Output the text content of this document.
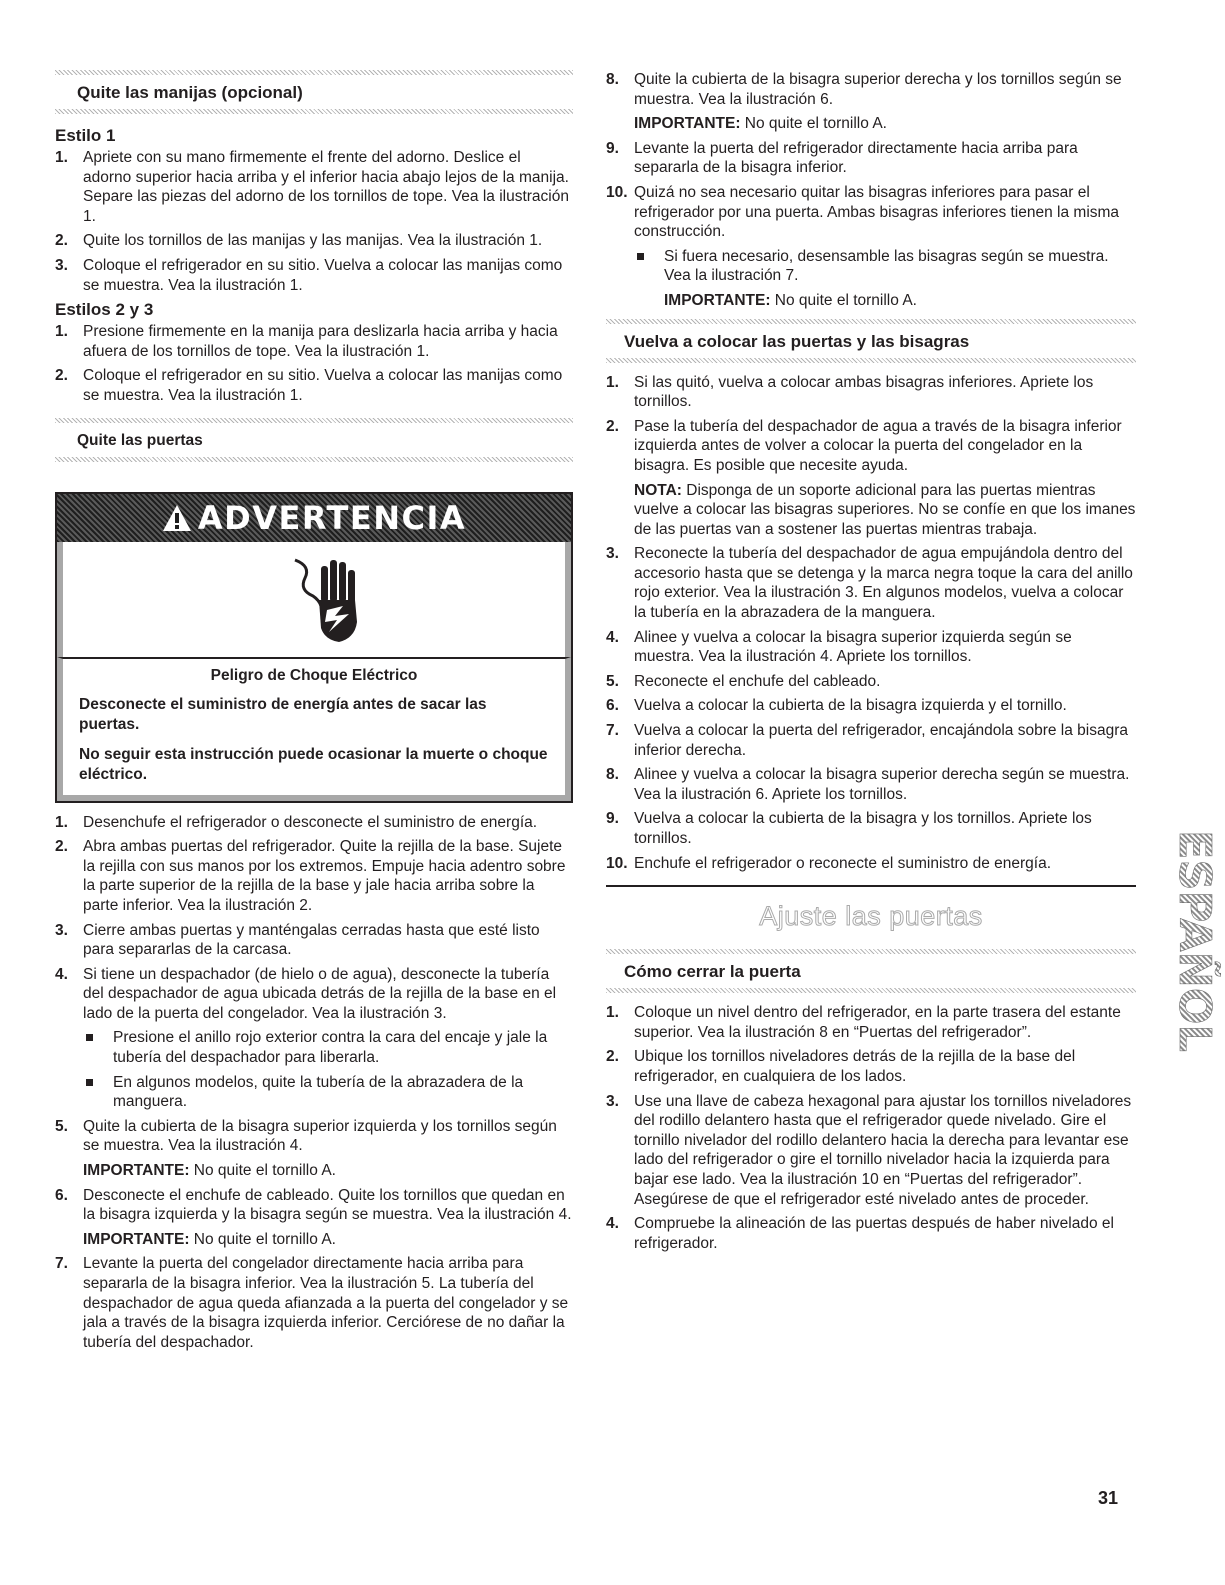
Quite las manijas (opcional)

Estilo 1
1. Apriete con su mano firmemente el frente del adorno. Deslice el adorno superior hacia arriba y el inferior hacia abajo lejos de la manija. Separe las piezas del adorno de los tornillos de tope. Vea la ilustración 1.
2. Quite los tornillos de las manijas y las manijas. Vea la ilustración 1.
3. Coloque el refrigerador en su sitio. Vuelva a colocar las manijas como se muestra. Vea la ilustración 1.
Estilos 2 y 3
1. Presione firmemente en la manija para deslizarla hacia arriba y hacia afuera de los tornillos de tope. Vea la ilustración 1.
2. Coloque el refrigerador en su sitio. Vuelva a colocar las manijas como se muestra. Vea la ilustración 1.

Quite las puertas

ADVERTENCIA

Peligro de Choque Eléctrico

Desconecte el suministro de energía antes de sacar las puertas.

No seguir esta instrucción puede ocasionar la muerte o choque eléctrico.

1. Desenchufe el refrigerador o desconecte el suministro de energía.
2. Abra ambas puertas del refrigerador. Quite la rejilla de la base. Sujete la rejilla con sus manos por los extremos. Empuje hacia adentro sobre la parte superior de la rejilla de la base y jale hacia arriba sobre la parte inferior. Vea la ilustración 2.
3. Cierre ambas puertas y manténgalas cerradas hasta que esté listo para separarlas de la carcasa.
4. Si tiene un despachador (de hielo o de agua), desconecte la tubería del despachador de agua ubicada detrás de la rejilla de la base en el lado de la puerta del congelador. Vea la ilustración 3.
Presione el anillo rojo exterior contra la cara del encaje y jale la tubería del despachador para liberarla.
En algunos modelos, quite la tubería de la abrazadera de la manguera.
5. Quite la cubierta de la bisagra superior izquierda y los tornillos según se muestra. Vea la ilustración 4.

IMPORTANTE: No quite el tornillo A.

6. Desconecte el enchufe de cableado. Quite los tornillos que quedan en la bisagra izquierda y la bisagra según se muestra. Vea la ilustración 4.

IMPORTANTE: No quite el tornillo A.

7. Levante la puerta del congelador directamente hacia arriba para separarla de la bisagra inferior. Vea la ilustración 5. La tubería del despachador de agua queda afianzada a la puerta del congelador y se jala a través de la bisagra izquierda inferior. Cerciórese de no dañar la tubería del despachador.
8. Quite la cubierta de la bisagra superior derecha y los tornillos según se muestra. Vea la ilustración 6.

IMPORTANTE: No quite el tornillo A.

9. Levante la puerta del refrigerador directamente hacia arriba para separarla de la bisagra inferior.
10. Quizá no sea necesario quitar las bisagras inferiores para pasar el refrigerador por una puerta. Ambas bisagras inferiores tienen la misma construcción.
Si fuera necesario, desensamble las bisagras según se muestra. Vea la ilustración 7.

IMPORTANTE: No quite el tornillo A.

Vuelva a colocar las puertas y las bisagras

1. Si las quitó, vuelva a colocar ambas bisagras inferiores. Apriete los tornillos.
2. Pase la tubería del despachador de agua a través de la bisagra inferior izquierda antes de volver a colocar la puerta del congelador en la bisagra. Es posible que necesite ayuda.

NOTA: Disponga de un soporte adicional para las puertas mientras vuelve a colocar las bisagras superiores. No se confíe en que los imanes de las puertas van a sostener las puertas mientras trabaja.

3. Reconecte la tubería del despachador de agua empujándola dentro del accesorio hasta que se detenga y la marca negra toque la cara del anillo rojo exterior. Vea la ilustración 3. En algunos modelos, vuelva a colocar la tubería en la abrazadera de la manguera.
4. Alinee y vuelva a colocar la bisagra superior izquierda según se muestra. Vea la ilustración 4. Apriete los tornillos.
5. Reconecte el enchufe del cableado.
6. Vuelva a colocar la cubierta de la bisagra izquierda y el tornillo.
7. Vuelva a colocar la puerta del refrigerador, encajándola sobre la bisagra inferior derecha.
8. Alinee y vuelva a colocar la bisagra superior derecha según se muestra. Vea la ilustración 6. Apriete los tornillos.
9. Vuelva a colocar la cubierta de la bisagra y los tornillos. Apriete los tornillos.
10. Enchufe el refrigerador o reconecte el suministro de energía.
Ajuste las puertas

Cómo cerrar la puerta

1. Coloque un nivel dentro del refrigerador, en la parte trasera del estante superior. Vea la ilustración 8 en “Puertas del refrigerador”.
2. Ubique los tornillos niveladores detrás de la rejilla de la base del refrigerador, en cualquiera de los lados.
3. Use una llave de cabeza hexagonal para ajustar los tornillos niveladores del rodillo delantero hasta que el refrigerador quede nivelado. Gire el tornillo nivelador del rodillo delantero hacia la derecha para levantar ese lado del refrigerador o gire el tornillo nivelador hacia la izquierda para bajar ese lado. Vea la ilustración 10 en “Puertas del refrigerador”. Asegúrese de que el refrigerador esté nivelado antes de proceder.
4. Compruebe la alineación de las puertas después de haber nivelado el refrigerador.
ESPAÑOL
31
